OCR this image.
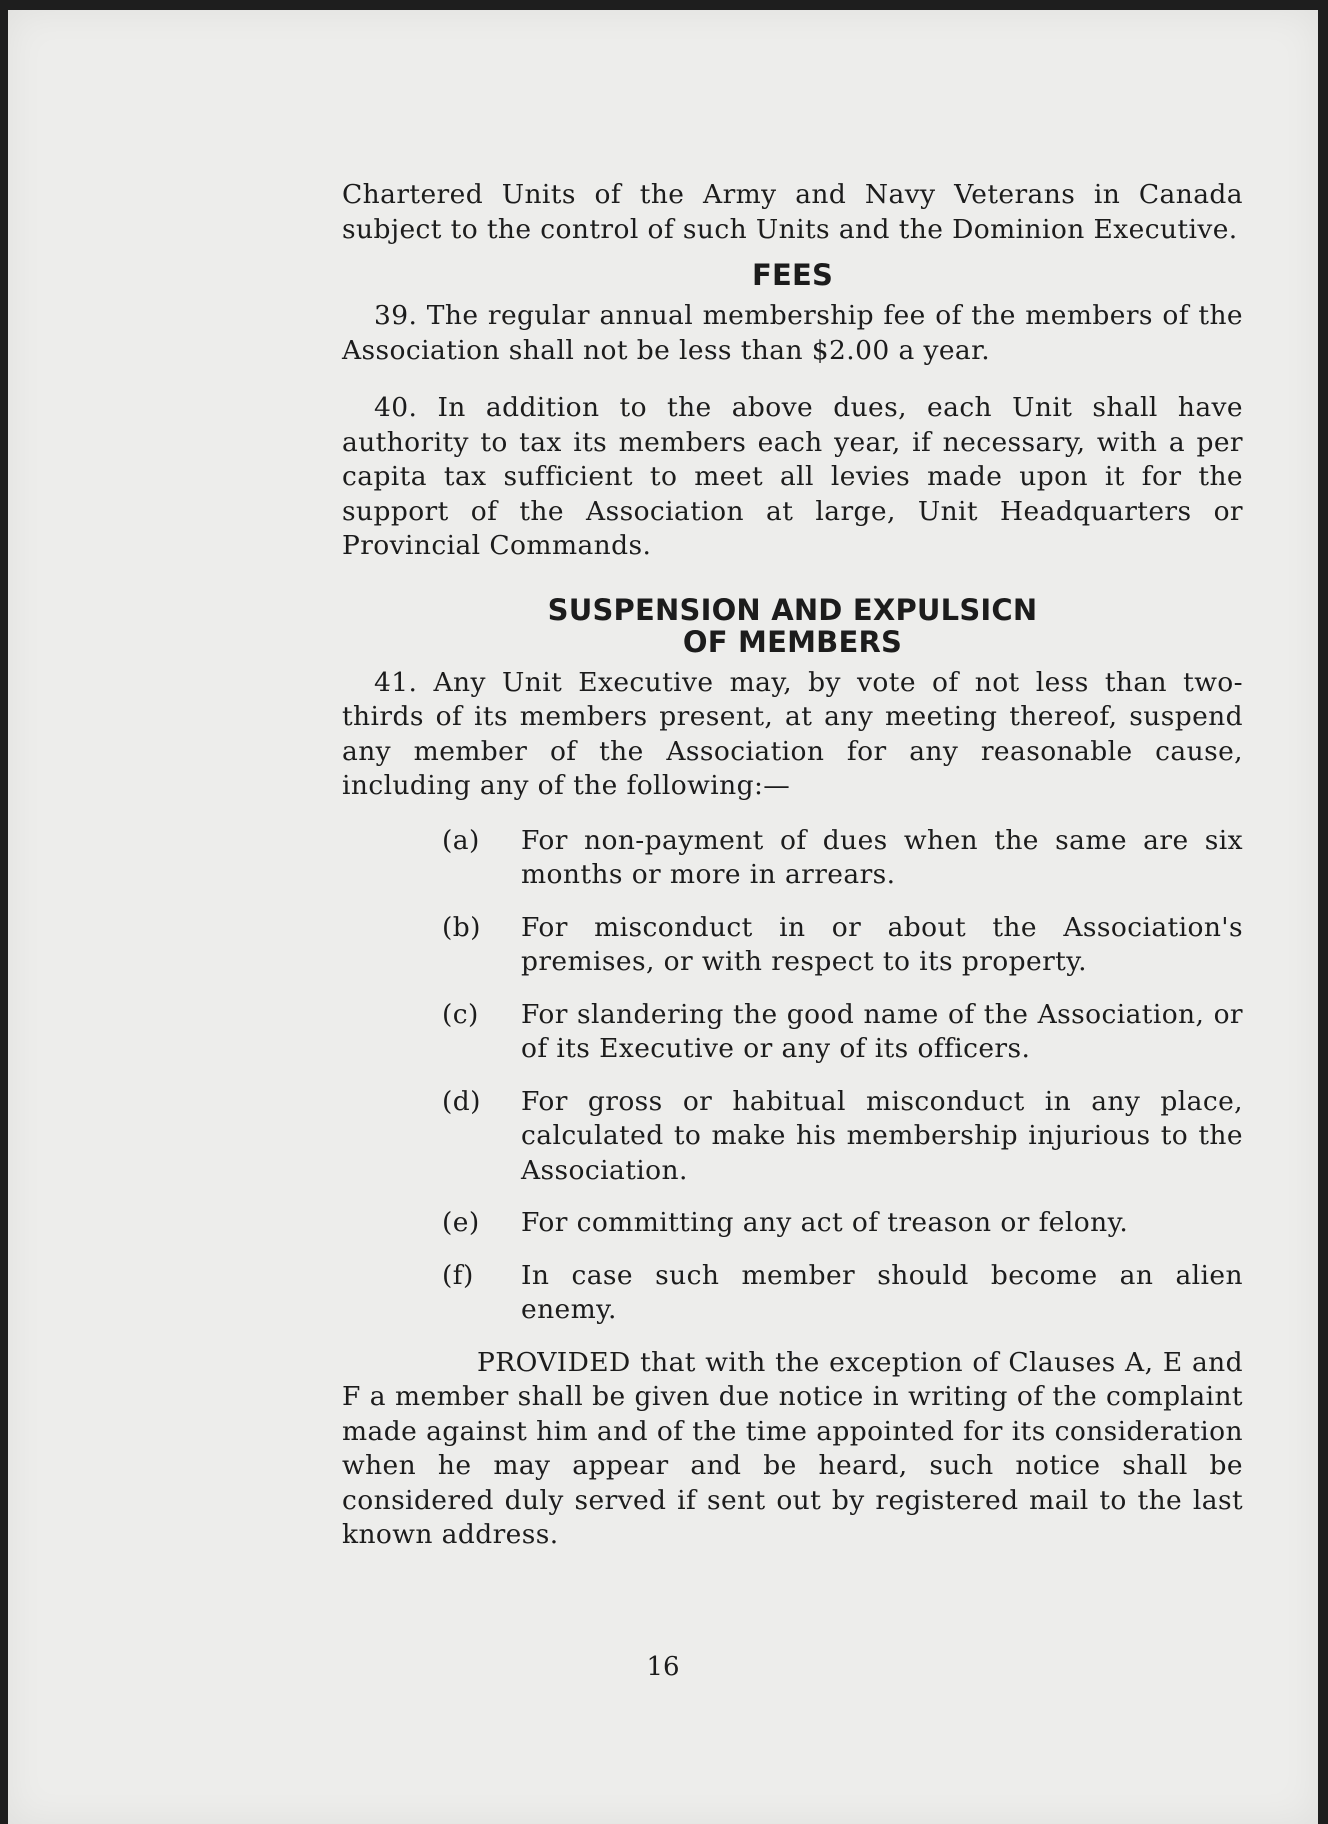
Chartered Units of the Army and Navy Veterans in Canada subject to the control of such Units and the Dominion Executive.

FEES

39. The regular annual membership fee of the members of the Association shall not be less than $2.00 a year.

40. In addition to the above dues, each Unit shall have authority to tax its members each year, if necessary, with a per capita tax sufficient to meet all levies made upon it for the support of the Association at large, Unit Headquarters or Provincial Commands.

SUSPENSION AND EXPULSICN
OF MEMBERS

41. Any Unit Executive may, by vote of not less than two-thirds of its members present, at any meeting thereof, suspend any member of the Association for any reasonable cause, including any of the following:—

(a)	For non-payment of dues when the same are six months or more in arrears.
(b)	For misconduct in or about the Association's premises, or with respect to its property.
(c)	For slandering the good name of the Association, or of its Executive or any of its officers.
(d)	For gross or habitual misconduct in any place, calculated to make his membership injurious to the Association.
(e)	For committing any act of treason or felony.
(f)	In case such member should become an alien enemy.

PROVIDED that with the exception of Clauses A, E and F a member shall be given due notice in writing of the complaint made against him and of the time appointed for its consideration when he may appear and be heard, such notice shall be considered duly served if sent out by registered mail to the last known address.

16
